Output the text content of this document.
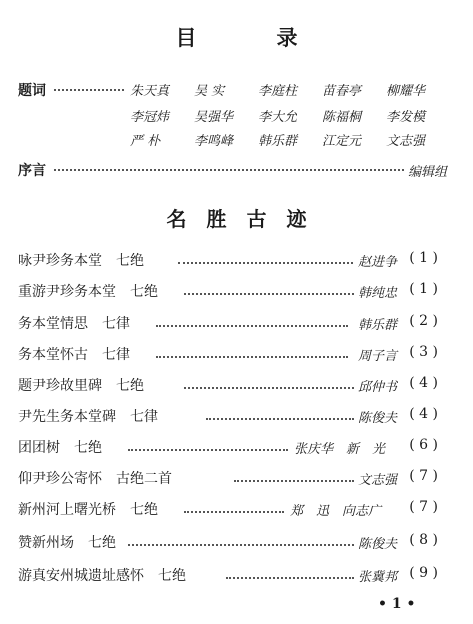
目	录
题词	朱天真 吴 实	李庭柱 苗春亭 柳耀华
李冠炜 吴强华 李大允 陈福桐 李发模
严 朴	李鸣峰 韩乐群 江定元 文志强
序言	编辑组
名 胜 古 迹
咏尹珍务本堂　七绝	赵进争 ( 1 )
重游尹珍务本堂　七绝	韩纯忠 ( 1 )
务本堂情思　七律	韩乐群 ( 2 )
务本堂怀古　七律	周子言 ( 3 )
题尹珍故里碑　七绝	邱仲书 ( 4 )
尹先生务本堂碑　七律	陈俊夫 ( 4 )
团团树　七绝	张庆华　新　光 ( 6 )
仰尹珍公寄怀　古绝二首	文志强 ( 7 )
新州河上曙光桥　七绝	郑　迅　向志广 ( 7 )
赞新州场　七绝	陈俊夫 ( 8 )
游真安州城遗址感怀　七绝	张冀邦 ( 9 )
• 1 •
